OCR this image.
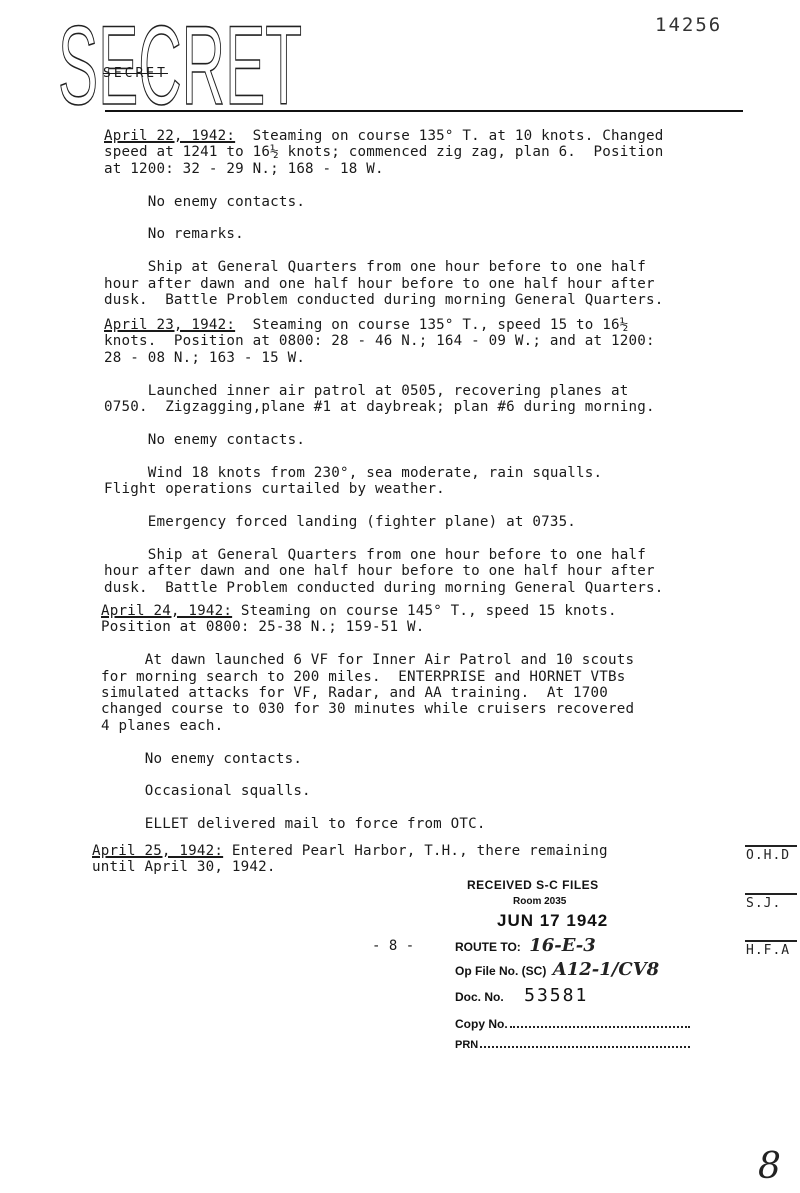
SECRET
SECRET
14256
April 22, 1942: Steaming on course 135° T. at 10 knots. Changed
speed at 1241 to 16½ knots; commenced zig zag, plan 6.  Position
at 1200: 32 - 29 N.; 168 - 18 W.

No enemy contacts.

No remarks.

Ship at General Quarters from one hour before to one half
hour after dawn and one half hour before to one half hour after
dusk.  Battle Problem conducted during morning General Quarters.
April 23, 1942: Steaming on course 135° T., speed 15 to 16½
knots.  Position at 0800: 28 - 46 N.; 164 - 09 W.; and at 1200:
28 - 08 N.; 163 - 15 W.

Launched inner air patrol at 0505, recovering planes at
0750.  Zigzagging,plane #1 at daybreak; plan #6 during morning.

No enemy contacts.

Wind 18 knots from 230°, sea moderate, rain squalls.
Flight operations curtailed by weather.

Emergency forced landing (fighter plane) at 0735.

Ship at General Quarters from one hour before to one half
hour after dawn and one half hour before to one half hour after
dusk.  Battle Problem conducted during morning General Quarters.
April 24, 1942: Steaming on course 145° T., speed 15 knots.
Position at 0800: 25-38 N.; 159-51 W.

At dawn launched 6 VF for Inner Air Patrol and 10 scouts
for morning search to 200 miles.  ENTERPRISE and HORNET VTBs
simulated attacks for VF, Radar, and AA training.  At 1700
changed course to 030 for 30 minutes while cruisers recovered
4 planes each.

No enemy contacts.

Occasional squalls.

ELLET delivered mail to force from OTC.
April 25, 1942: Entered Pearl Harbor, T.H., there remaining
until April 30, 1942.
O.H.D
S.J.
H.F.A
- 8 -
RECEIVED S-C FILES
Room 2035
JUN 17 1942
ROUTE TO: 16-E-3
Op File No. (SC) A12-1/CV8
Doc. No. 53581
Copy No.
PRN
8
